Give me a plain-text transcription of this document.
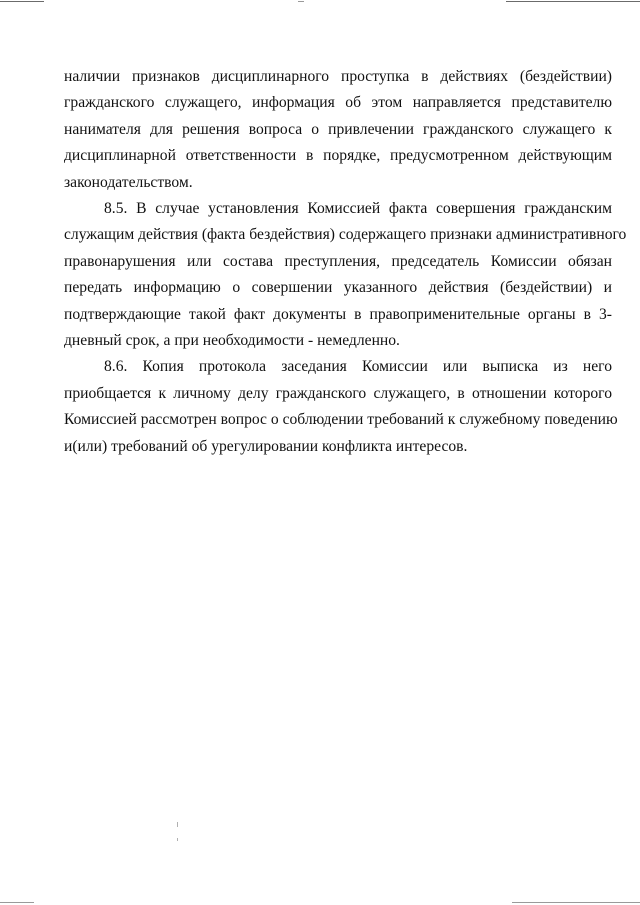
наличии признаков дисциплинарного проступка в действиях (бездействии)
гражданского служащего, информация об этом направляется представителю
нанимателя для решения вопроса о привлечении гражданского служащего к
дисциплинарной ответственности в порядке, предусмотренном действующим
законодательством.

8.5. В случае установления Комиссией факта совершения гражданским
служащим действия (факта бездействия) содержащего признаки административного
правонарушения или состава преступления, председатель Комиссии обязан
передать информацию о совершении указанного действия (бездействии) и
подтверждающие такой факт документы в правоприменительные органы в 3-
дневный срок, а при необходимости - немедленно.

8.6. Копия протокола заседания Комиссии или выписка из него
приобщается к личному делу гражданского служащего, в отношении которого
Комиссией рассмотрен вопрос о соблюдении требований к служебному поведению
и(или) требований об урегулировании конфликта интересов.
